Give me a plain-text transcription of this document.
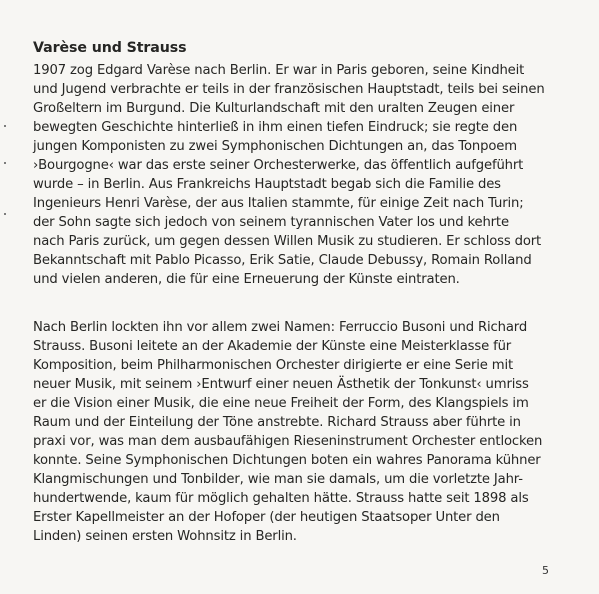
Varèse und Strauss
1907 zog Edgard Varèse nach Berlin. Er war in Paris geboren, seine Kindheit
und Jugend verbrachte er teils in der französischen Hauptstadt, teils bei seinen
Großeltern im Burgund. Die Kulturlandschaft mit den uralten Zeugen einer
bewegten Geschichte hinterließ in ihm einen tiefen Eindruck; sie regte den
jungen Komponisten zu zwei Symphonischen Dichtungen an, das Tonpoem
›Bourgogne‹ war das erste seiner Orchesterwerke, das öffentlich aufgeführt
wurde – in Berlin. Aus Frankreichs Hauptstadt begab sich die Familie des
Ingenieurs Henri Varèse, der aus Italien stammte, für einige Zeit nach Turin;
der Sohn sagte sich jedoch von seinem tyrannischen Vater los und kehrte
nach Paris zurück, um gegen dessen Willen Musik zu studieren. Er schloss dort
Bekanntschaft mit Pablo Picasso, Erik Satie, Claude Debussy, Romain Rolland
und vielen anderen, die für eine Erneuerung der Künste eintraten.
Nach Berlin lockten ihn vor allem zwei Namen: Ferruccio Busoni und Richard
Strauss. Busoni leitete an der Akademie der Künste eine Meisterklasse für
Komposition, beim Philharmonischen Orchester dirigierte er eine Serie mit
neuer Musik, mit seinem ›Entwurf einer neuen Ästhetik der Tonkunst‹ umriss
er die Vision einer Musik, die eine neue Freiheit der Form, des Klangspiels im
Raum und der Einteilung der Töne anstrebte. Richard Strauss aber führte in
praxi vor, was man dem ausbaufähigen Rieseninstrument Orchester entlocken
konnte. Seine Symphonischen Dichtungen boten ein wahres Panorama kühner
Klangmischungen und Tonbilder, wie man sie damals, um die vorletzte Jahr-
hundertwende, kaum für möglich gehalten hätte. Strauss hatte seit 1898 als
Erster Kapellmeister an der Hofoper (der heutigen Staatsoper Unter den
Linden) seinen ersten Wohnsitz in Berlin.
5
